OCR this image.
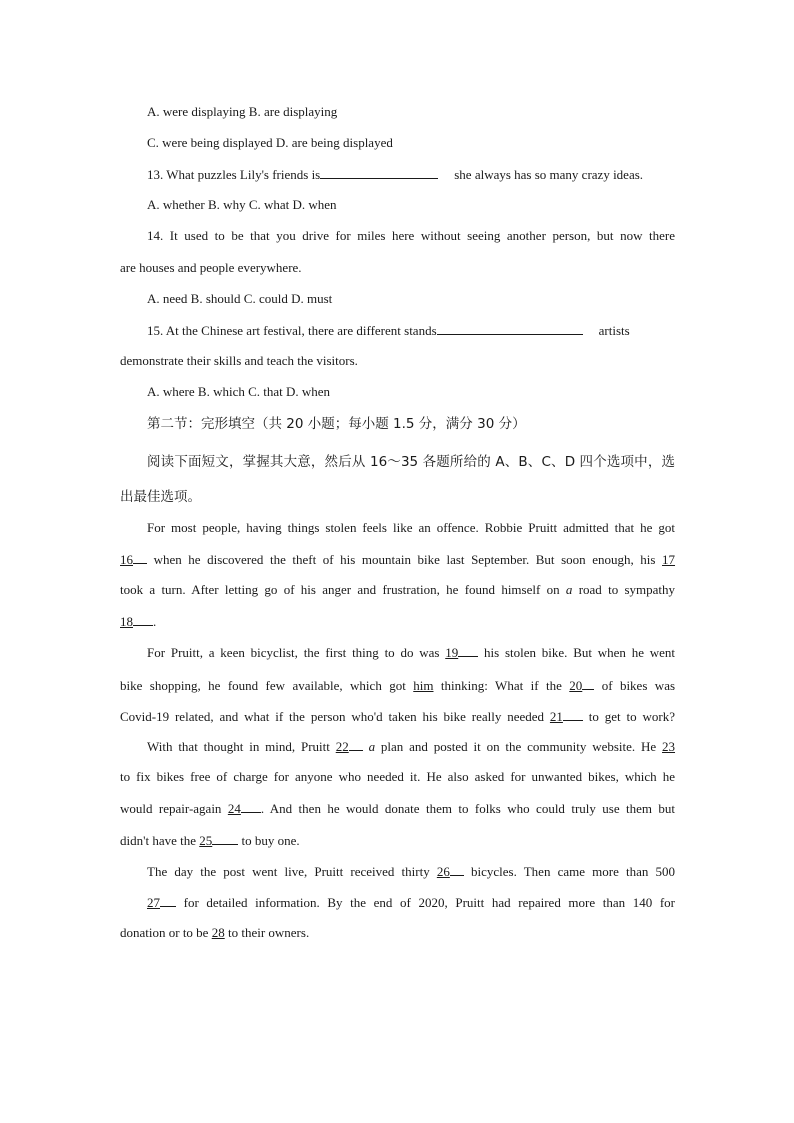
A. were displaying B. are displaying
C. were being displayed D. are being displayed
13. What puzzles Lily's friends is	she always has so many crazy ideas.
A. whether B. why C. what D. when
14. It used to be that you drive for miles here without seeing another person, but now there
are houses and people everywhere.
A. need B. should C. could D. must
15. At the Chinese art festival, there are different stands	artists
demonstrate their skills and teach the visitors.
A. where B. which C. that D. when
第二节：完形填空（共 20 小题；每小题 1.5 分，满分 30 分）
阅读下面短文，掌握其大意，然后从 16～35 各题所给的 A、B、C、D 四个选项中，选
出最佳选项。
For most people, having things stolen feels like an offence. Robbie Pruitt admitted that he got
16 when he discovered the theft of his mountain bike last September. But soon enough, his 17
took a turn. After letting go of his anger and frustration, he found himself on a road to sympathy
18 .
For Pruitt, a keen bicyclist, the first thing to do was 19 his stolen bike. But when he went
bike shopping, he found few available, which got him thinking: What if the 20 of bikes was
Covid-19 related, and what if the person who'd taken his bike really needed 21 to get to work?
With that thought in mind, Pruitt 22 a plan and posted it on the community website. He 23
to fix bikes free of charge for anyone who needed it. He also asked for unwanted bikes, which he
would repair-again 24 . And then he would donate them to folks who could truly use them but
didn't have the 25 to buy one.
The day the post went live, Pruitt received thirty 26 bicycles. Then came more than 500
27 for detailed information. By the end of 2020, Pruitt had repaired more than 140 for
donation or to be 28 to their owners.
